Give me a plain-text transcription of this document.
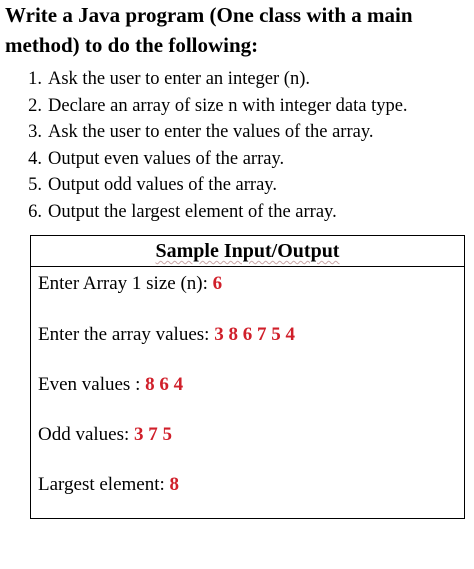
Write a Java program (One class with a main
method) to do the following:
1. Ask the user to enter an integer (n).
2. Declare an array of size n with integer data type.
3. Ask the user to enter the values of the array.
4. Output even values of the array.
5. Output odd values of the array.
6. Output the largest element of the array.
Sample Input/Output
Enter Array 1 size (n): 6
Enter the array values: 3 8 6 7 5 4
Even values : 8 6 4
Odd values: 3 7 5
Largest element: 8
